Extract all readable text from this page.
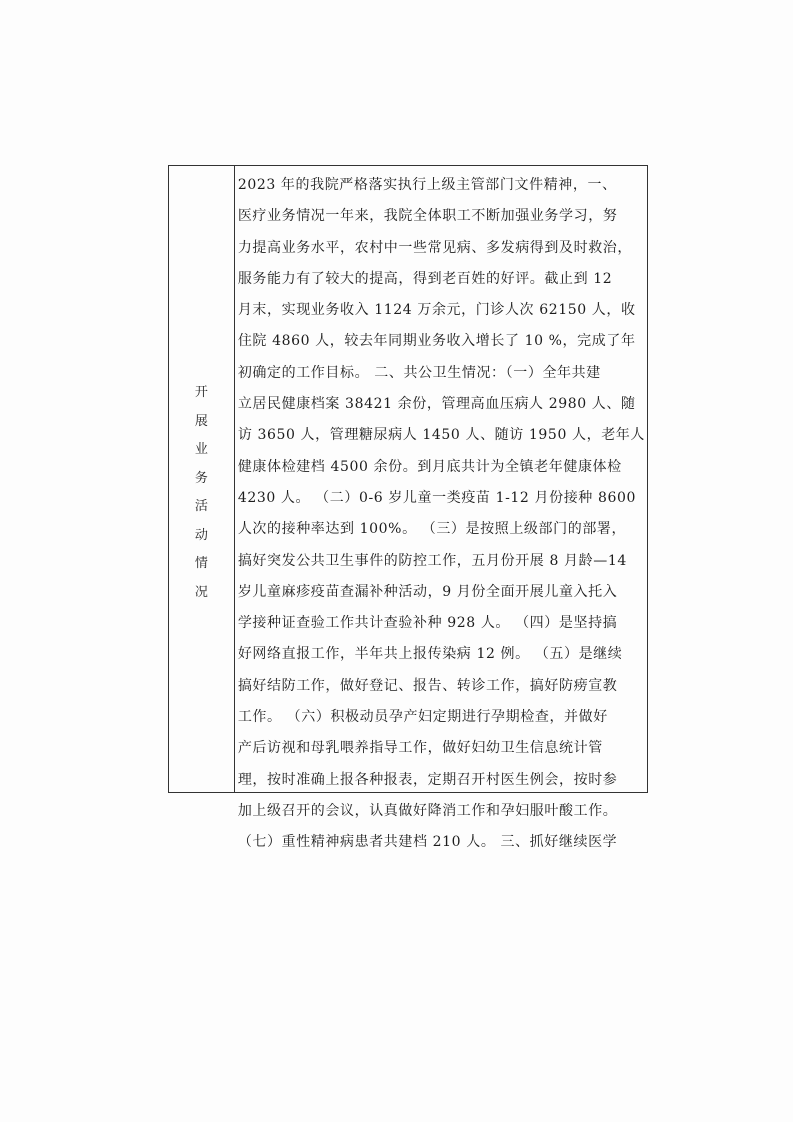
开
展
业
务
活
动
情
况
2023 年的我院严格落实执行上级主管部门文件精神，一、
医疗业务情况一年来，我院全体职工不断加强业务学习，努
力提高业务水平，农村中一些常见病、多发病得到及时救治，
服务能力有了较大的提高，得到老百姓的好评。截止到 12
月末，实现业务收入 1124 万余元，门诊人次 62150 人，收
住院 4860 人，较去年同期业务收入增长了 10 %，完成了年
初确定的工作目标。 二、共公卫生情况：（一）全年共建
立居民健康档案 38421 余份，管理高血压病人 2980 人、随
访 3650 人，管理糖尿病人 1450 人、随访 1950 人，老年人
健康体检建档 4500 余份。到月底共计为全镇老年健康体检
4230 人。 （二）0-6 岁儿童一类疫苗 1-12 月份接种 8600
人次的接种率达到 100%。 （三）是按照上级部门的部署，
搞好突发公共卫生事件的防控工作，五月份开展 8 月龄—14
岁儿童麻疹疫苗查漏补种活动，9 月份全面开展儿童入托入
学接种证查验工作共计查验补种 928 人。 （四）是坚持搞
好网络直报工作，半年共上报传染病 12 例。 （五）是继续
搞好结防工作，做好登记、报告、转诊工作，搞好防痨宣教
工作。 （六）积极动员孕产妇定期进行孕期检查，并做好
产后访视和母乳喂养指导工作，做好妇幼卫生信息统计管
理，按时准确上报各种报表，定期召开村医生例会，按时参
加上级召开的会议，认真做好降消工作和孕妇服叶酸工作。
（七）重性精神病患者共建档 210 人。 三、抓好继续医学
